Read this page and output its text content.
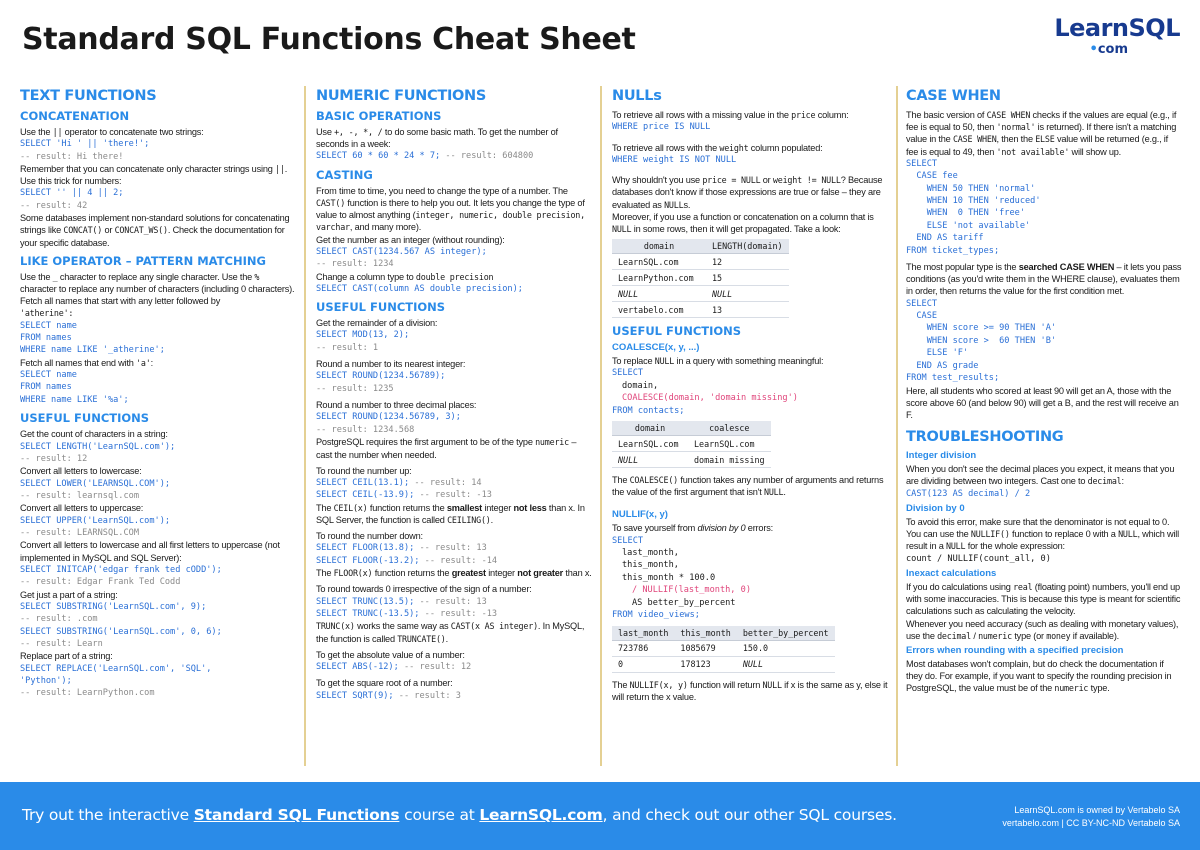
Standard SQL Functions Cheat Sheet	LearnSQL
•com
TEXT FUNCTIONS
CONCATENATION

Use the || operator to concatenate two strings:

SELECT 'Hi ' || 'there!';
-- result: Hi there!

Remember that you can concatenate only character strings using ||. Use this trick for numbers:

SELECT '' || 4 || 2;
-- result: 42

Some databases implement non-standard solutions for concatenating strings like CONCAT() or CONCAT_WS(). Check the documentation for your specific database.

LIKE OPERATOR – PATTERN MATCHING

Use the _ character to replace any single character. Use the % character to replace any number of characters (including 0 characters).

Fetch all names that start with any letter followed by
'atherine':

SELECT name
FROM names
WHERE name LIKE '_atherine';

Fetch all names that end with 'a':

SELECT name
FROM names
WHERE name LIKE '%a';
USEFUL FUNCTIONS

Get the count of characters in a string:

SELECT LENGTH('LearnSQL.com');
-- result: 12

Convert all letters to lowercase:

SELECT LOWER('LEARNSQL.COM');
-- result: learnsql.com

Convert all letters to uppercase:

SELECT UPPER('LearnSQL.com');
-- result: LEARNSQL.COM

Convert all letters to lowercase and all first letters to uppercase (not implemented in MySQL and SQL Server):

SELECT INITCAP('edgar frank ted cODD');
-- result: Edgar Frank Ted Codd

Get just a part of a string:

SELECT SUBSTRING('LearnSQL.com', 9);
-- result: .com
SELECT SUBSTRING('LearnSQL.com', 0, 6);
-- result: Learn

Replace part of a string:

SELECT REPLACE('LearnSQL.com', 'SQL',
'Python');
-- result: LearnPython.com
NUMERIC FUNCTIONS
BASIC OPERATIONS

Use +, -, *, / to do some basic math. To get the number of seconds in a week:

SELECT 60 * 60 * 24 * 7; -- result: 604800
CASTING

From time to time, you need to change the type of a number. The CAST() function is there to help you out. It lets you change the type of value to almost anything (integer, numeric, double precision, varchar, and many more).

Get the number as an integer (without rounding):

SELECT CAST(1234.567 AS integer);
-- result: 1234

Change a column type to double precision

SELECT CAST(column AS double precision);
USEFUL FUNCTIONS

Get the remainder of a division:

SELECT MOD(13, 2);
-- result: 1

Round a number to its nearest integer:

SELECT ROUND(1234.56789);
-- result: 1235

Round a number to three decimal places:

SELECT ROUND(1234.56789, 3);
-- result: 1234.568

PostgreSQL requires the first argument to be of the type numeric – cast the number when needed.

To round the number up:

SELECT CEIL(13.1); -- result: 14
SELECT CEIL(-13.9); -- result: -13

The CEIL(x) function returns the smallest integer not less than x. In SQL Server, the function is called CEILING().

To round the number down:

SELECT FLOOR(13.8); -- result: 13
SELECT FLOOR(-13.2); -- result: -14

The FLOOR(x) function returns the greatest integer not greater than x.

To round towards 0 irrespective of the sign of a number:

SELECT TRUNC(13.5); -- result: 13
SELECT TRUNC(-13.5); -- result: -13

TRUNC(x) works the same way as CAST(x AS integer). In MySQL, the function is called TRUNCATE().

To get the absolute value of a number:

SELECT ABS(-12); -- result: 12

To get the square root of a number:

SELECT SQRT(9); -- result: 3
NULLs

To retrieve all rows with a missing value in the price column:

WHERE price IS NULL

To retrieve all rows with the weight column populated:

WHERE weight IS NOT NULL

Why shouldn't you use price = NULL or weight != NULL? Because databases don't know if those expressions are true or false – they are evaluated as NULLs.

Moreover, if you use a function or concatenation on a column that is NULL in some rows, then it will get propagated. Take a look:

domain	LENGTH(domain)
LearnSQL.com	12
LearnPython.com	15
NULL	NULL
vertabelo.com	13
USEFUL FUNCTIONS
COALESCE(x, y, ...)

To replace NULL in a query with something meaningful:

SELECT
domain,
COALESCE(domain, 'domain missing')
FROM contacts;
domain	coalesce
LearnSQL.com	LearnSQL.com
NULL	domain missing

The COALESCE() function takes any number of arguments and returns the value of the first argument that isn't NULL.

NULLIF(x, y)

To save yourself from division by 0 errors:

SELECT
last_month,
this_month,
this_month * 100.0
/ NULLIF(last_month, 0)
AS better_by_percent
FROM video_views;
last_month	this_month	better_by_percent
723786	1085679	150.0
0	178123	NULL

The NULLIF(x, y) function will return NULL if x is the same as y, else it will return the x value.

CASE WHEN

The basic version of CASE WHEN checks if the values are equal (e.g., if fee is equal to 50, then 'normal' is returned). If there isn't a matching value in the CASE WHEN, then the ELSE value will be returned (e.g., if fee is equal to 49, then 'not available' will show up.

SELECT
CASE fee
WHEN 50 THEN 'normal'
WHEN 10 THEN 'reduced'
WHEN  0 THEN 'free'
ELSE 'not available'
END AS tariff
FROM ticket_types;

The most popular type is the searched CASE WHEN – it lets you pass conditions (as you'd write them in the WHERE clause), evaluates them in order, then returns the value for the first condition met.

SELECT
CASE
WHEN score >= 90 THEN 'A'
WHEN score >  60 THEN 'B'
ELSE 'F'
END AS grade
FROM test_results;

Here, all students who scored at least 90 will get an A, those with the score above 60 (and below 90) will get a B, and the rest will receive an F.

TROUBLESHOOTING
Integer division

When you don't see the decimal places you expect, it means that you are dividing between two integers. Cast one to decimal:

CAST(123 AS decimal) / 2
Division by 0

To avoid this error, make sure that the denominator is not equal to 0. You can use the NULLIF() function to replace 0 with a NULL, which will result in a NULL for the whole expression:

count / NULLIF(count_all, 0)
Inexact calculations

If you do calculations using real (floating point) numbers, you'll end up with some inaccuracies. This is because this type is meant for scientific calculations such as calculating the velocity.

Whenever you need accuracy (such as dealing with monetary values), use the decimal / numeric type (or money if available).

Errors when rounding with a specified precision

Most databases won't complain, but do check the documentation if they do. For example, if you want to specify the rounding precision in PostgreSQL, the value must be of the numeric type.

Try out the interactive Standard SQL Functions course at LearnSQL.com, and check out our other SQL courses.	LearnSQL.com is owned by Vertabelo SA
vertabelo.com | CC BY-NC-ND Vertabelo SA
